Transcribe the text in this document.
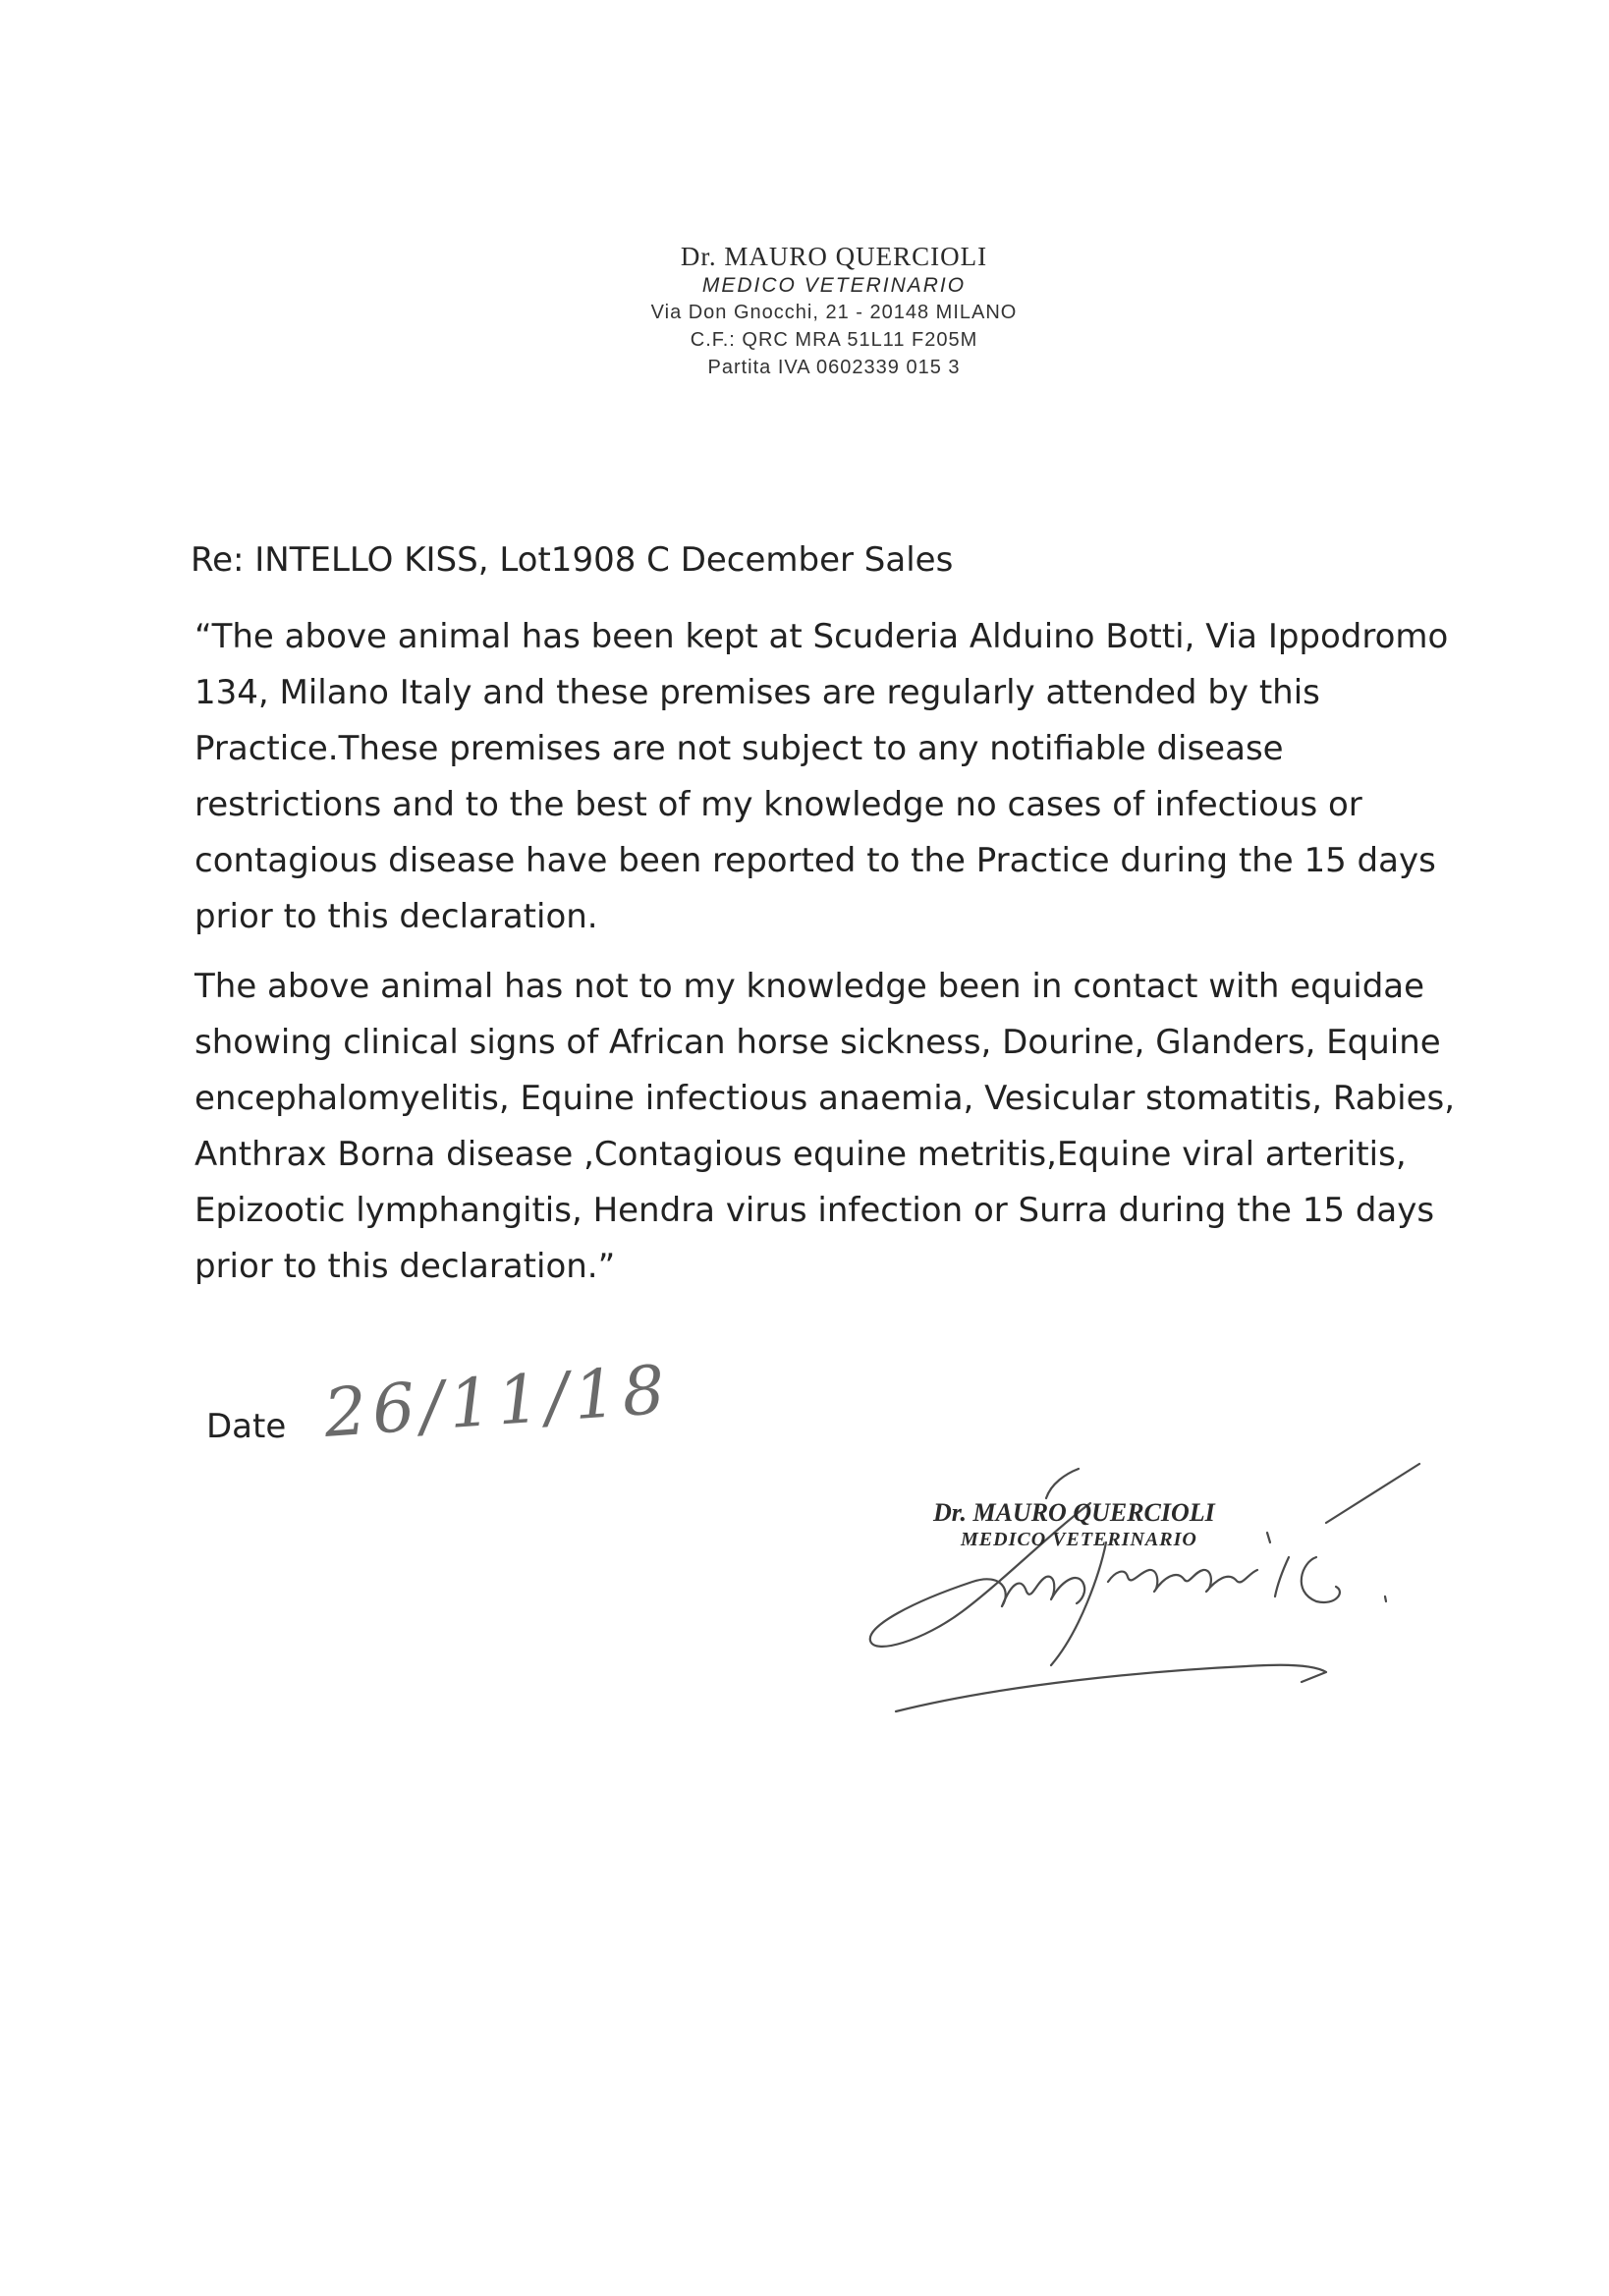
Dr. MAURO QUERCIOLI
MEDICO VETERINARIO
Via Don Gnocchi, 21 - 20148 MILANO
C.F.: QRC MRA 51L11 F205M
Partita IVA 0602339 015 3
Re: INTELLO KISS, Lot1908 C December Sales

“The above animal has been kept at Scuderia Alduino Botti, Via Ippodromo 134, Milano Italy and these premises are regularly attended by this Practice.These premises are not subject to any notifiable disease restrictions and to the best of my knowledge no cases of infectious or contagious disease have been reported to the Practice during the 15 days prior to this declaration.

The above animal has not to my knowledge been in contact with equidae showing clinical signs of African horse sickness, Dourine, Glanders, Equine encephalomyelitis, Equine infectious anaemia, Vesicular stomatitis, Rabies, Anthrax Borna disease ,Contagious equine metritis,Equine viral arteritis, Epizootic lymphangitis, Hendra virus infection or Surra during the 15 days prior to this declaration.”

Date 26/11/18
Dr. MAURO QUERCIOLI
MEDICO VETERINARIO
